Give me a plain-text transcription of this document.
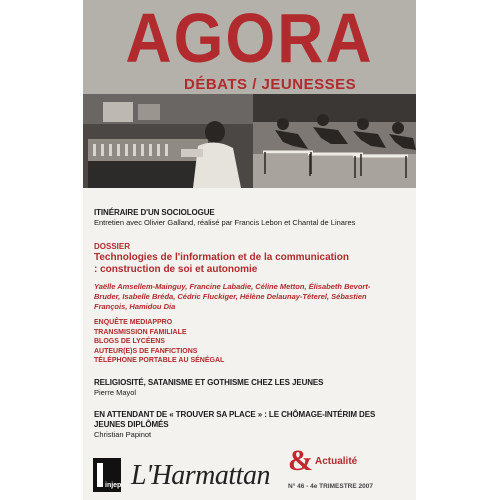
AGORA
DÉBATS / JEUNESSES
ITINÉRAIRE D'UN SOCIOLOGUE
Entretien avec Olivier Galland, réalisé par Francis Lebon et Chantal de Linares
DOSSIER
Technologies de l'information et de la communication : construction de soi et autonomie
Yaëlle Amsellem-Mainguy, Francine Labadie, Céline Metton, Élisabeth Bevort-Bruder, Isabelle Bréda, Cédric Fluckiger, Hélène Delaunay-Téterel, Sébastien François, Hamidou Dia
ENQUÊTE MEDIAPPRO
TRANSMISSION FAMILIALE
BLOGS DE LYCÉENS
AUTEUR(E)S DE FANFICTIONS
TÉLÉPHONE PORTABLE AU SÉNÉGAL
RELIGIOSITÉ, SATANISME ET GOTHISME CHEZ LES JEUNES
Pierre Mayol
EN ATTENDANT DE « TROUVER SA PLACE » : LE CHÔMAGE-INTÉRIM DES JEUNES DIPLÔMÉS
Christian Papinot
injep L'Harmattan & Actualité
N° 46 - 4e TRIMESTRE 2007
